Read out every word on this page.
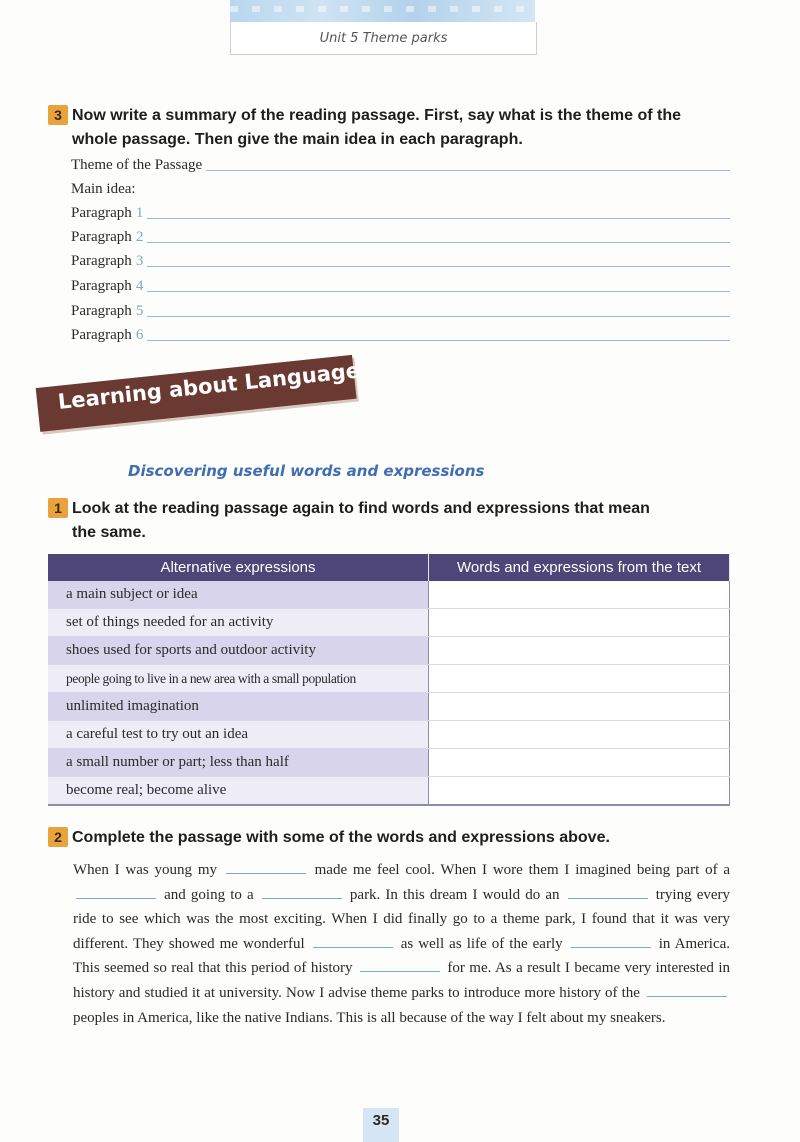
Unit 5 Theme parks
3 Now write a summary of the reading passage. First, say what is the theme of the
whole passage. Then give the main idea in each paragraph.
Theme of the Passage
Main idea:
Paragraph 1
Paragraph 2
Paragraph 3
Paragraph 4
Paragraph 5
Paragraph 6
Learning about Language
Discovering useful words and expressions
1 Look at the reading passage again to find words and expressions that mean
the same.
Alternative expressions	Words and expressions from the text
a main subject or idea	
set of things needed for an activity	
shoes used for sports and outdoor activity	
people going to live in a new area with a small population	
unlimited imagination	
a careful test to try out an idea	
a small number or part; less than half	
become real; become alive	
2 Complete the passage with some of the words and expressions above.
When I was young my	made me feel cool. When I wore them I imagined being part of a  and going to a	park. In this dream I would do an	trying every ride to see which was the most exciting. When I did finally go to a theme park, I found that it was very different. They showed me wonderful	as well as life of the early	in America. This seemed so real that this period of history	for me. As a result I became very interested in history and studied it at university. Now I advise theme parks to introduce more history of the  peoples in America, like the native Indians. This is all because of the way I felt about my sneakers.
35
